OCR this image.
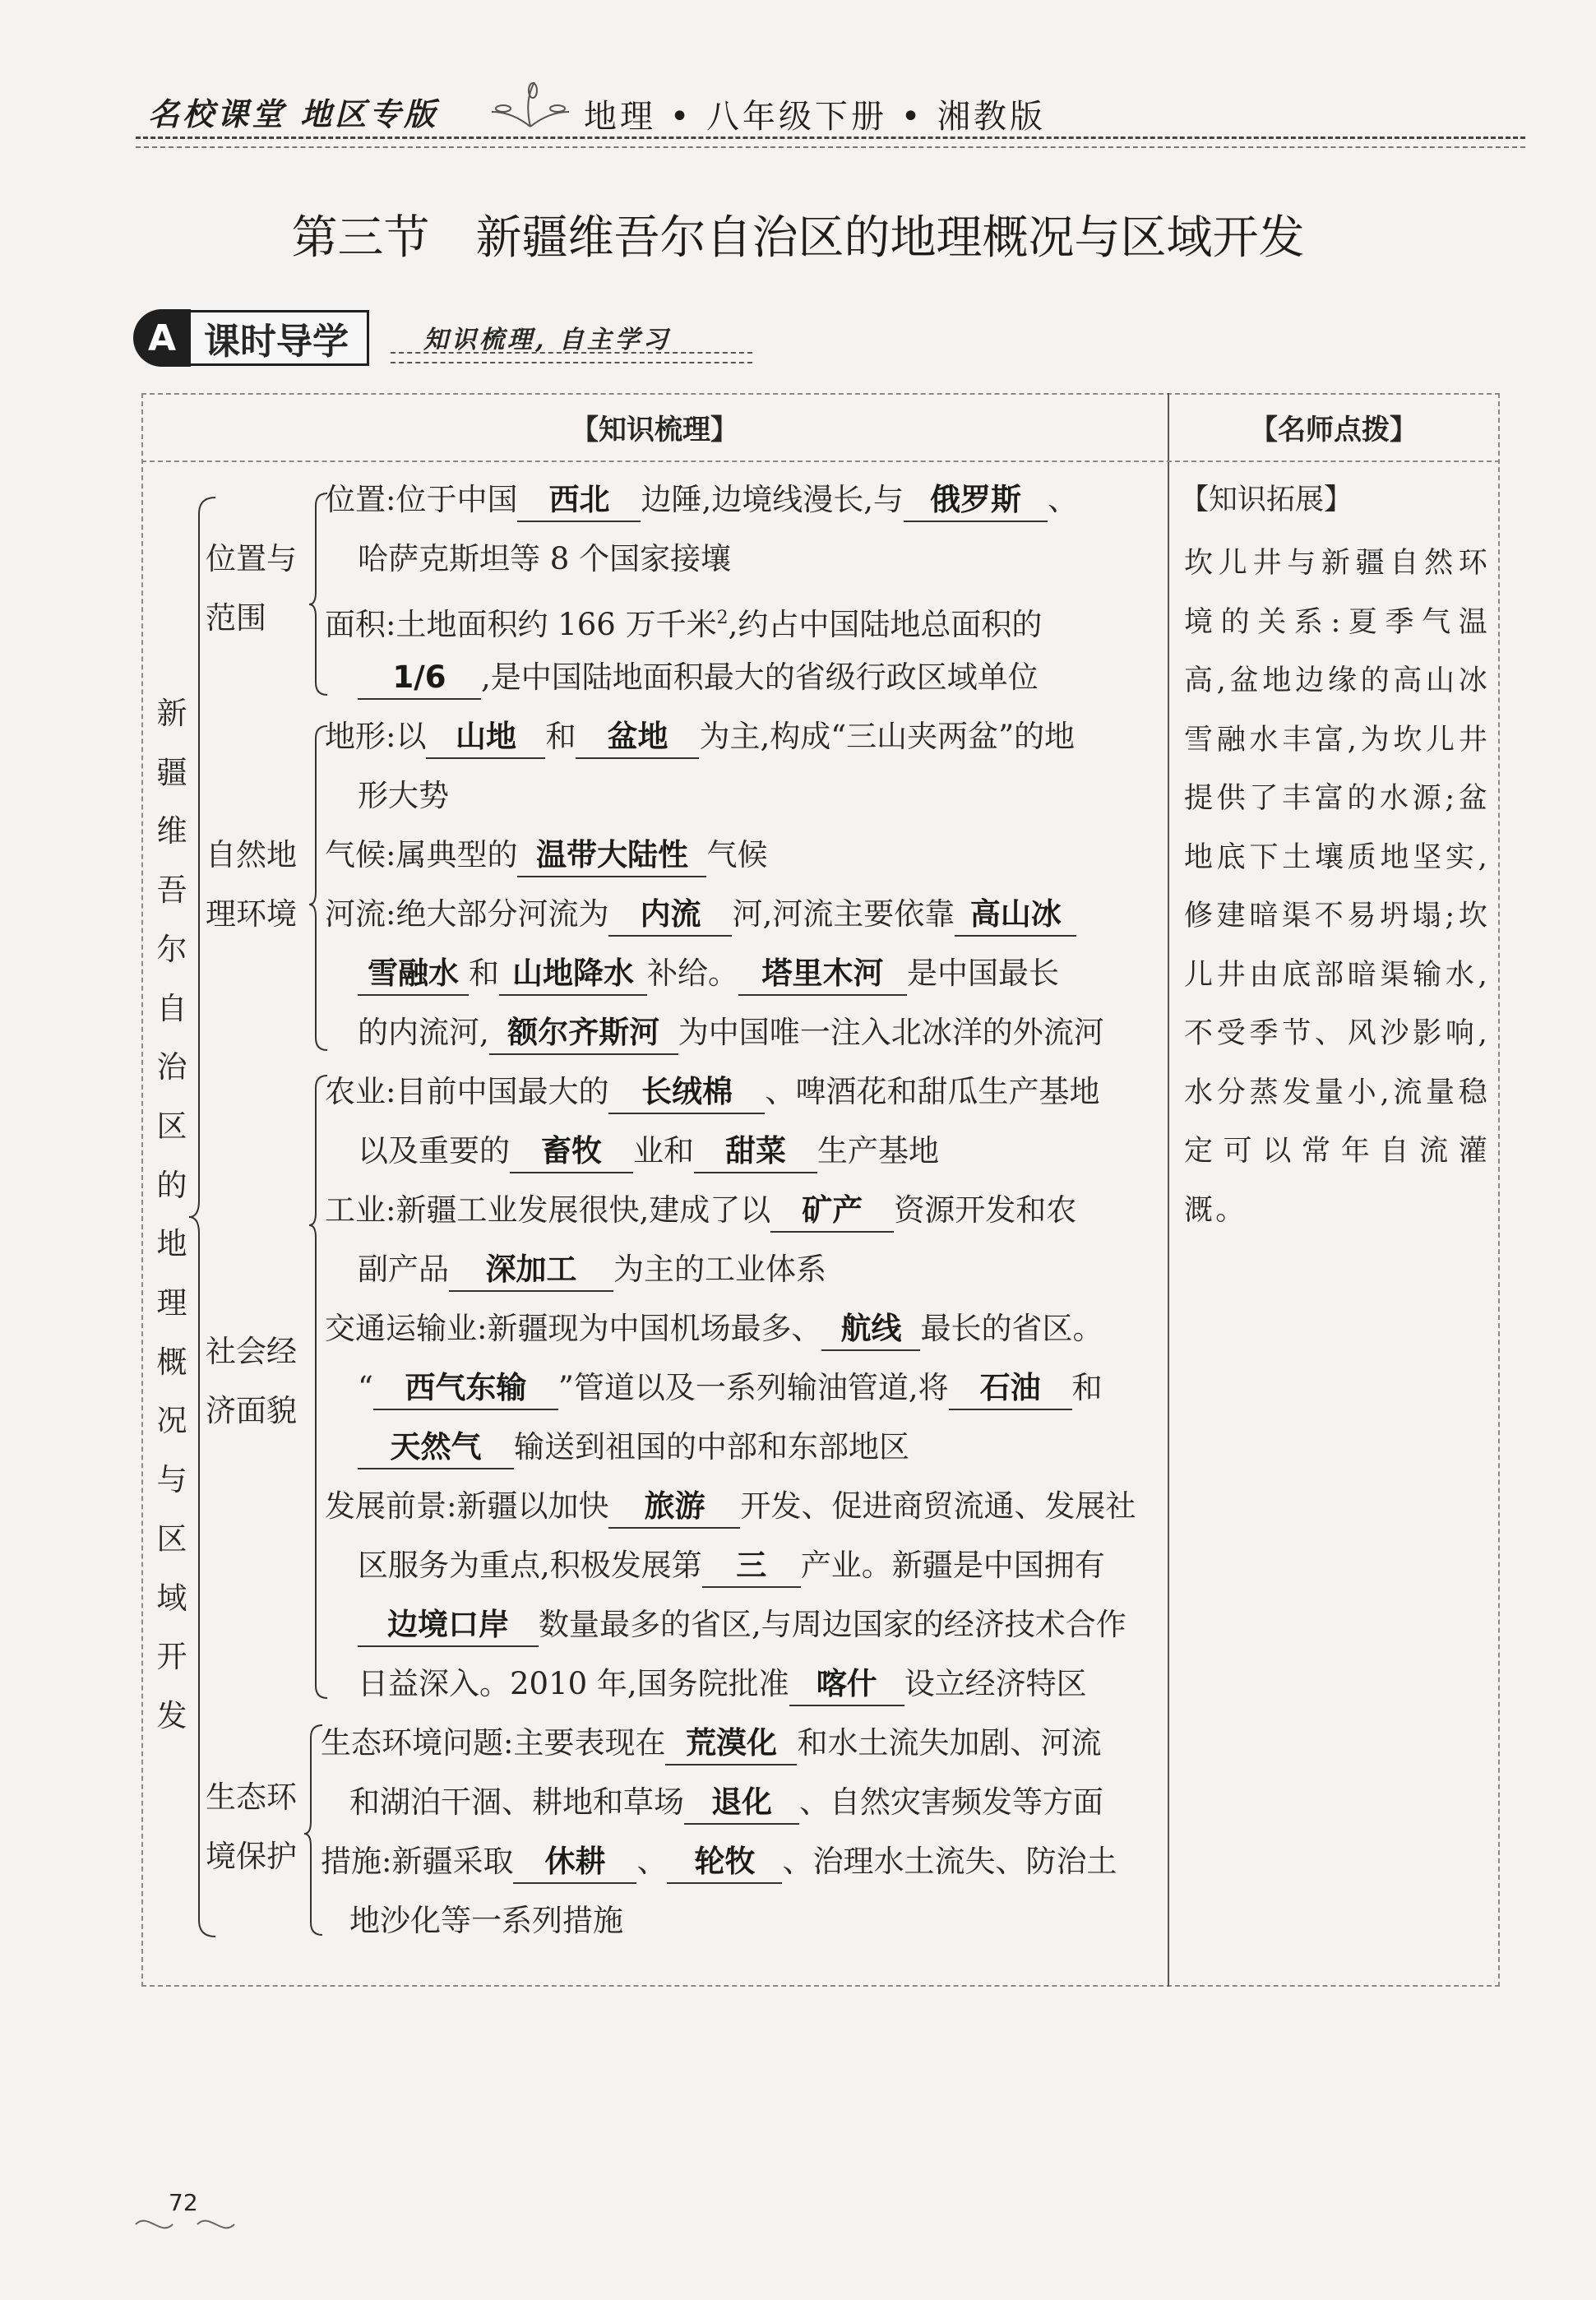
名校课堂 地区专版	地理 • 八年级下册 • 湘教版
第三节　新疆维吾尔自治区的地理概况与区域开发
A 课时导学	知识梳理, 自主学习
【知识梳理】	【名师点拨】
新
疆
维
吾
尔
自
治
区
的
地
理
概
况
与
区
域
开
发
位置与
范围
自然地
理环境
社会经
济面貌
生态环
境保护
位置:位于中国 西北 边陲,边境线漫长,与 俄罗斯 、
哈萨克斯坦等 8 个国家接壤
面积:土地面积约 166 万千米$^2$,约占中国陆地总面积的
1/6 ,是中国陆地面积最大的省级行政区域单位
地形:以 山地 和 盆地 为主,构成“三山夹两盆”的地
形大势
气候:属典型的 温带大陆性 气候
河流:绝大部分河流为 内流 河,河流主要依靠 高山冰
雪融水 和 山地降水 补给。 塔里木河 是中国最长
的内流河, 额尔齐斯河 为中国唯一注入北冰洋的外流河
农业:目前中国最大的 长绒棉 、啤酒花和甜瓜生产基地
以及重要的 畜牧 业和 甜菜 生产基地
工业:新疆工业发展很快,建成了以 矿产 资源开发和农
副产品 深加工 为主的工业体系
交通运输业:新疆现为中国机场最多、 航线 最长的省区。
“ 西气东输 ”管道以及一系列输油管道,将 石油 和
天然气 输送到祖国的中部和东部地区
发展前景:新疆以加快 旅游 开发、促进商贸流通、发展社
区服务为重点,积极发展第 三 产业。新疆是中国拥有
边境口岸 数量最多的省区,与周边国家的经济技术合作
日益深入。2010 年,国务院批准 喀什 设立经济特区
生态环境问题:主要表现在 荒漠化 和水土流失加剧、河流
和湖泊干涸、耕地和草场 退化 、自然灾害频发等方面
措施:新疆采取 休耕 、 轮牧 、治理水土流失、防治土
地沙化等一系列措施
【知识拓展】
坎儿井与新疆自然环境的关系:夏季气温高,盆地边缘的高山冰雪融水丰富,为坎儿井提供了丰富的水源;盆地底下土壤质地坚实,修建暗渠不易坍塌;坎儿井由底部暗渠输水,不受季节、风沙影响,水分蒸发量小,流量稳定可以常年自流灌溉。
72
